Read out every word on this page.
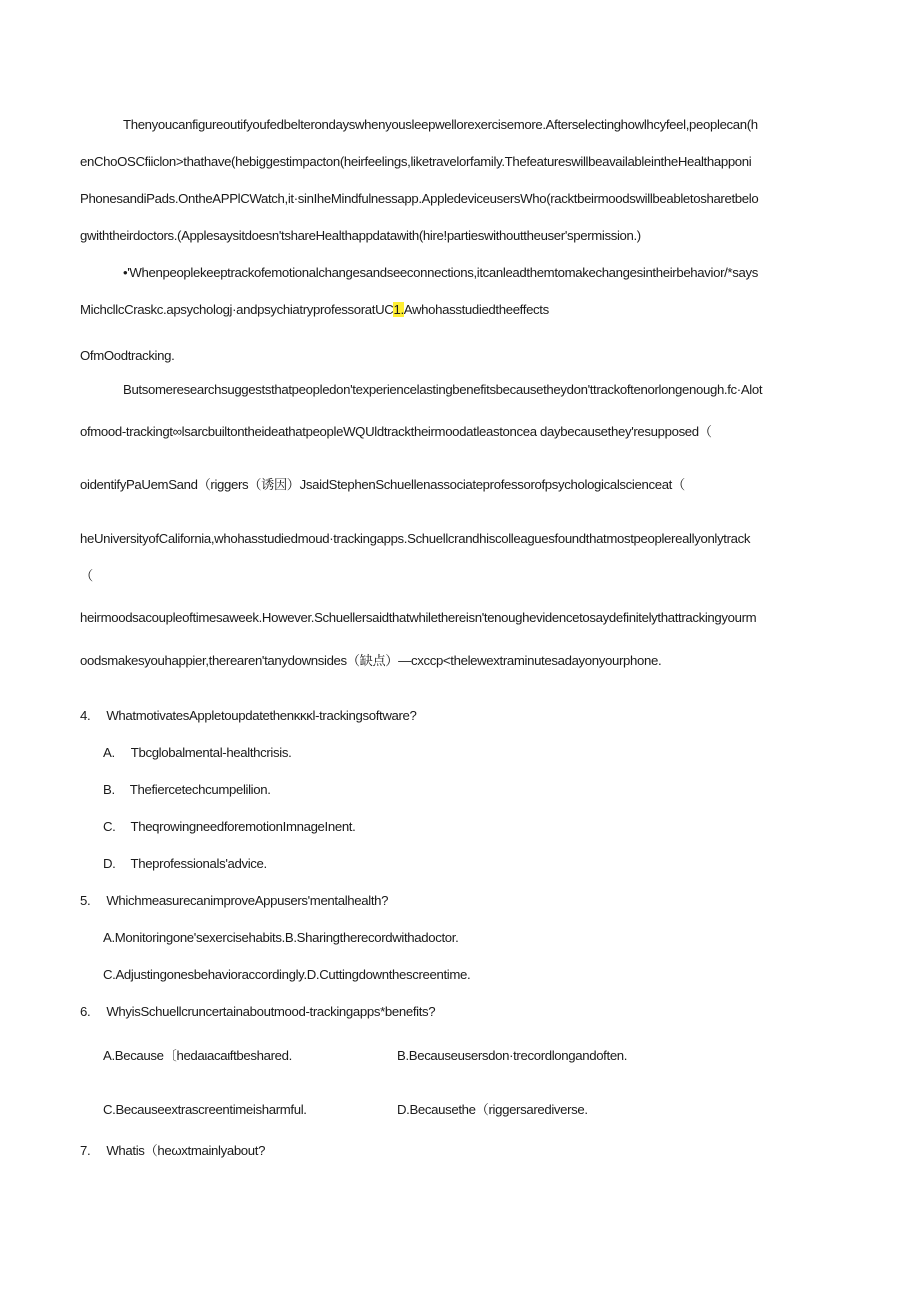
Thenyoucanfigureoutifyoufedbelterondayswhenyousleepwellorexercisemore.Afterselectinghowlhcyfeel,peoplecan(h
enChoOSCfiiclon>thathave(hebiggestimpacton(heirfeelings,liketravelorfamily.ThefeatureswillbeavailableintheHealthapponi
PhonesandiPads.OntheAPPlCWatch,it·sinIheMindfulnessapp.AppledeviceusersWho(racktbeirmoodswillbeabletosharetbelo
gwiththeirdoctors.(Applesaysitdoesn'tshareHealthappdatawith(hire!partieswithouttheuser'spermission.)
•'Whenpeoplekeeptrackofemotionalchangesandseeconnections,itcanleadthemtomakechangesintheirbehavior/*says
MichcllcCraskc.apsychologj·andpsychiatryprofessoratUC1.Awhohasstudiedtheeffects
OfmOodtracking.
Butsomeresearchsuggeststhatpeopledon'texperiencelastingbenefitsbecausetheydon'ttrackoftenorlongenough.fc·Alot
ofmood-trackingt∞lsarcbuiltontheideathatpeopleWQUldtracktheirmoodatleastoncea daybecausethey'resupposed（
oidentifyPaUemSand（riggers（诱因）JsaidStephenSchuellenassociateprofessorofpsychologicalscienceat（
heUniversityofCalifornia,whohasstudiedmoud·trackingapps.Schuellcrandhiscolleaguesfoundthatmostpeoplereallyonlytrack
（
heirmoodsacoupleoftimesaweek.However.Schuellersaidthatwhilethereisn'tenoughevidencetosaydefinitelythattrackingyourm
oodsmakesyouhappier,therearen'tanydownsides（缺点）—cxccp<thelewextraminutesadayonyourphone.
4. WhatmotivatesAppletoupdatethenκκκl-trackingsoftware?
A. Tbcglobalmental-healthcrisis.
B. Thefiercetechcumpelilion.
C. TheqrowingneedforemotionImnageInent.
D. Theprofessionals'advice.
5. WhichmeasurecanimproveAppusers'mentalhealth?
A.Monitoringone'sexercisehabits.B.Sharingtherecordwithadoctor.
C.Adjustingonesbehavioraccordingly.D.Cuttingdownthescreentime.
6. WhyisSchuellcruncertainaboutmood-trackingapps*benefits?
A.Because〔hedaιacaιftbeshared.	B.Becauseusersdon·trecordlongandoften.
C.Becauseextrascreentimeisharmful.	D.Becausethe（riggersarediverse.
7. Whatis（heωxtmainlyabout?
